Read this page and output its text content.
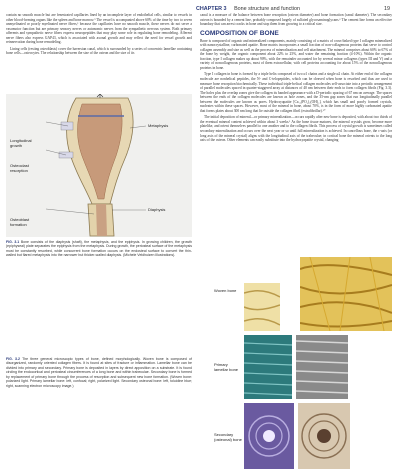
CHAPTER 3 Bone structure and function	19

contain no smooth muscle but are fenestrated capillaries lined by an incomplete layer of endothelial cells, similar to vessels in other blood-forming organs like the spleen and bone marrow.⁹ The vessel is accompanied above 60% of the time by two to seven unmyelinated or poorly myelinated nerve fibers,¹ because the capillaries have no smooth muscle, these nerves do not serve a vasomotor function but are primary sensory nerves or autonomic nerves from the sympathetic nervous system. Both primary afferents and sympathetic nerve fibers express neuropeptides that may play some role in regulating bone remodeling. Afferent nerve fibers also express GAP43, which is associated with axonal growth and may reflect the need for vessel growth and reinnervation during bone remodeling.

Lining cells (resting osteoblasts) cover the haversian canal, which is surrounded by a series of concentric lamellae containing bone cells—osteocytes. The relationship between the size of the osteon and the size of its

Longitudinal growth
Osteoclast resorption
Osteoblast formation
Metaphysis
Diaphysis
FIG. 3.1 Bone consists of the diaphysis (shaft), the metaphysis, and the epiphysis. In growing children, the growth (epiphyseal) plate separates the epiphysis from the metaphysis. During growth, the periosteal surface of the metaphysis must be constantly resorbed, while concurrent bone formation occurs on the endosteal surface to convert the thin-walled but flared metaphysis into the narrower but thicker-walled diaphysis. (Michele Veldhuizen Illustrations).

canal is a measure of the balance between bone resorption (osteon diameter) and bone formation (canal diameter). The secondary osteon is bounded by a cement line, probably composed largely of sulfated glycosaminoglycans.⁶ The cement line forms an effective boundary that can arrest cracks in bone and stop them from growing to a critical size.

COMPOSITION OF BONE

Bone is composed of organic and mineralized components, mainly consisting of a matrix of cross-linked type I collagen mineralized with nanocrystalline, carbonated apatite. Bone matrix incorporates a small fraction of non-collagenous proteins that serve to control collagen assembly and size as well as the process of mineralization and cell attachment. The mineral comprises about 60% to 67% of the bone by weight, the organic component about 22% to 25%, and water the remaining fraction (4-10%). Within the organic fraction, type I collagen makes up about 90%, with the remainder accounted for by several minor collagens (types III and V) and a variety of noncollagenous proteins, most of them extracellular, with cell proteins accounting for about 15% of the noncollagenous proteins in bone.

Type I collagen in bone is formed by a triple helix composed of two α1 chains and a single α2 chain. At either end of the collagen molecule are nonhelical peptides, the N- and C-telopeptides, which can be cleaved when bone is resorbed and thus are used to measure bone resorption biochemically. These individual triple-helical collagen molecules self-associate into a periodic arrangement of parallel molecules spaced in quarter-staggered array at distances of 40 nm between their ends to form collagen fibrils (Fig. 3.3). The holes plus the overlap zones give the collagen its banded appearance with a D-periodic spacing of 67 nm on average. The spaces between the ends of the collagen molecules are known as hole zones, and the 35-nm gap zones that run longitudinally parallel between the molecules are known as pores. Hydroxyapatite [Ca₁₀(PO₄)₆(OH)₂], which has small and poorly formed crystals, nucleates within these spaces. However, most of the mineral in bone, about 70%, is in the form of more highly carbonated apatite that forms plates about 300 nm long that lie outside the collagen fibril (extrafibrillar).¹⁰

The initial deposition of mineral—or primary mineralization—occurs rapidly after new bone is deposited, with about two thirds of the eventual mineral content achieved within about 3 weeks.¹ As the bone tissue matures, the mineral crystals grow, become more platelike, and orient themselves parallel to one another and to the collagen fibrils. This process of crystal growth is sometimes called secondary mineralization and occurs over the next year or so until full mineralization is achieved. In cancellous bone, the c-axis (or long axis of the mineral crystal) aligns with the longitudinal axis of the trabeculae; in cortical bone the mineral orients to the long axis of the osteon. Other elements can easily substitute into the hydroxyapatite crystal, changing

Woven bone
Primary lamellar bone
Secondary (osteonal) bone
FIG. 3.2 The three general microscopic types of bone, defined morphologically. Woven bone is composed of disorganized, randomly oriented collagen fibers. It is found at sites of fracture or inflammation. Lamellar bone can be divided into primary and secondary. Primary bone is deposited in layers by direct apposition on a substrate. It is found circling the endocortical and periosteal circumferences of a long bone and within trabeculae. Secondary bone is formed by replacement of primary bone through the process of resorption and subsequent new bone formation. (Woven bone: polarized light. Primary lamellar bone: left, confocal; right, polarized light. Secondary osteonal bone: left, toluidine blue; right, scanning electron microscopy image.)
